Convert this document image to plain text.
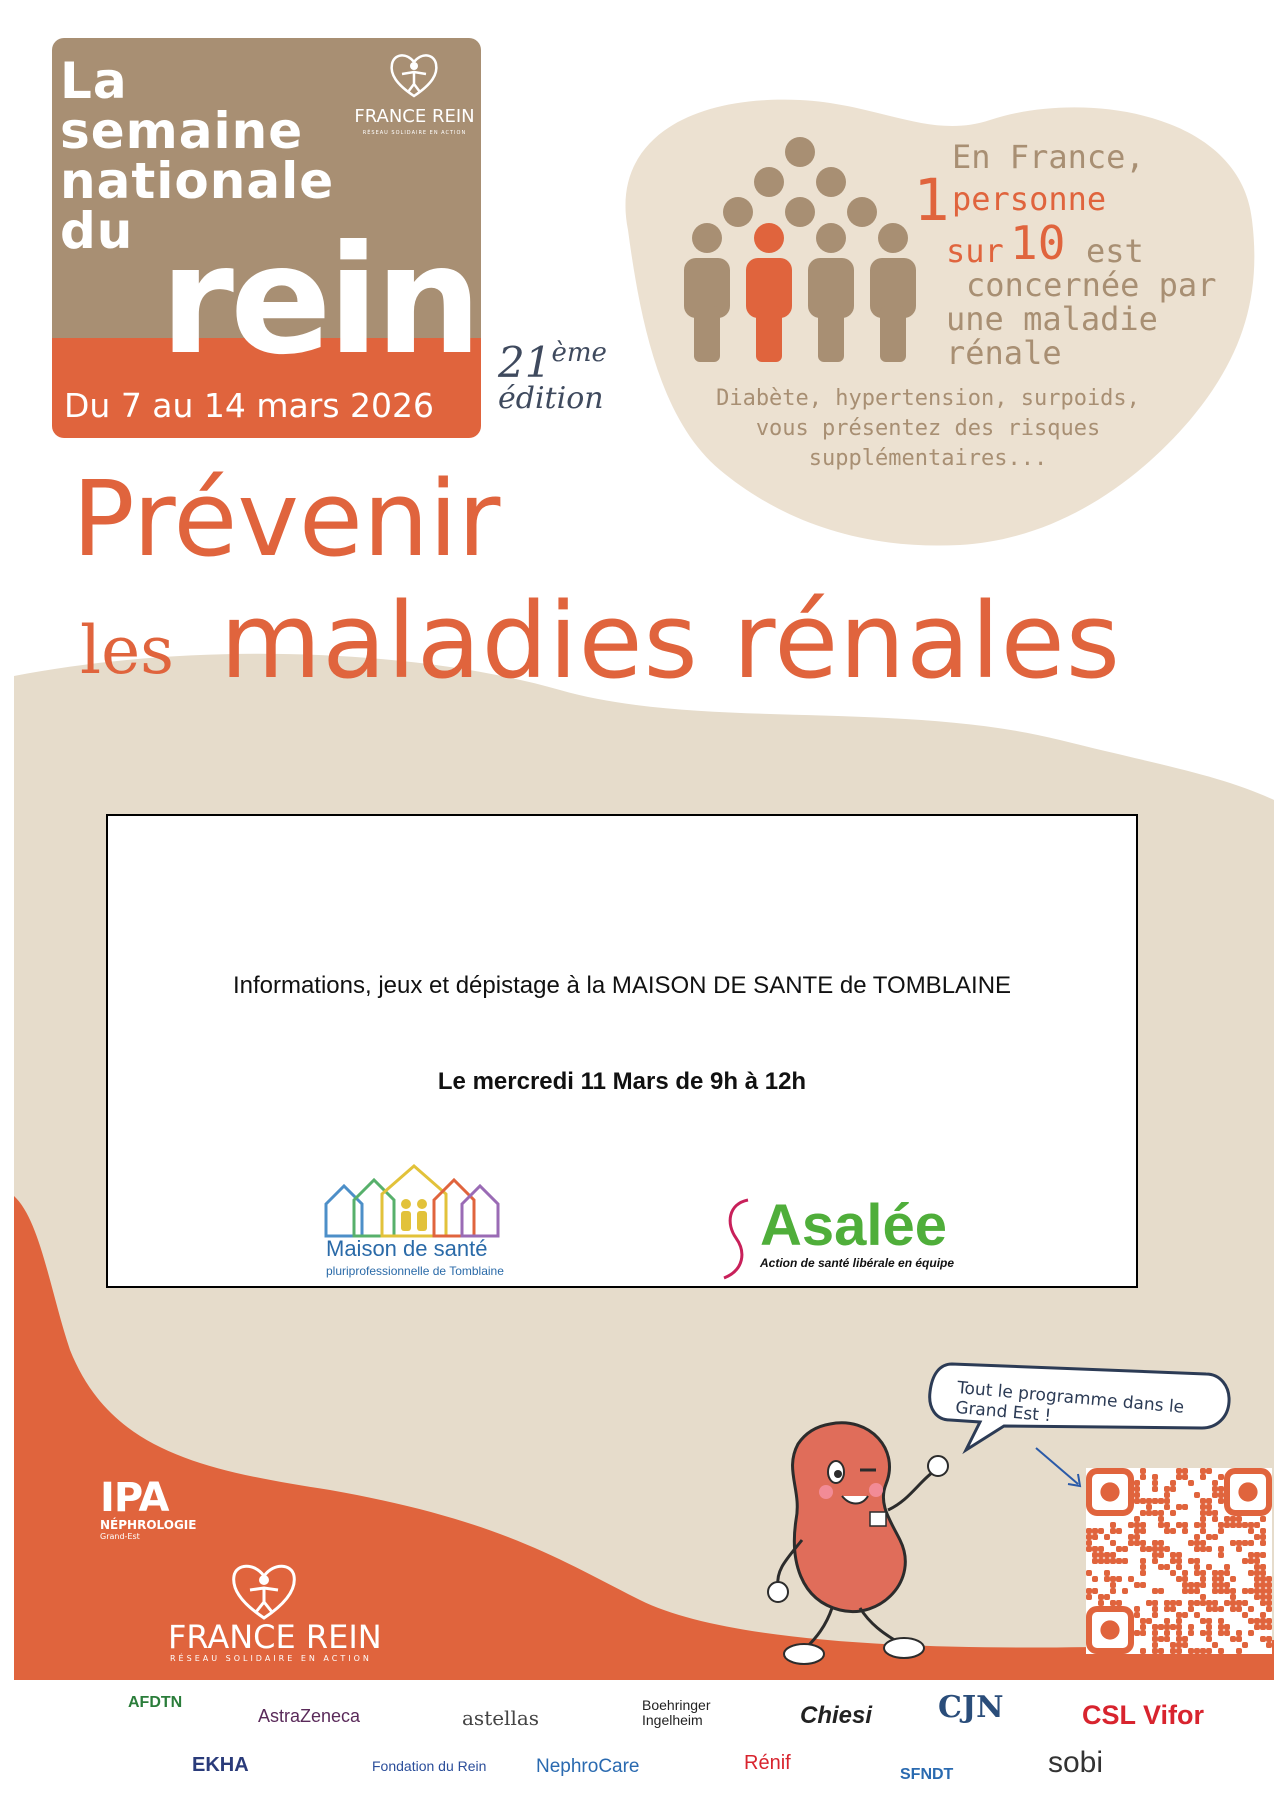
La
semaine
nationale
du rein
Du 7 au 14 mars 2026
FRANCE REIN
RÉSEAU SOLIDAIRE EN ACTION
21ème
édition
En France,
1 personne
sur 10 est
concernée par
une maladie
rénale
Diabète, hypertension, surpoids,
vous présentez des risques
supplémentaires...
Prévenir
les maladies rénales
Informations, jeux et dépistage à la MAISON DE SANTE de TOMBLAINE
Le mercredi 11 Mars de 9h à 12h
Maison de santé
pluriprofessionnelle de Tomblaine
Asalée
Action de santé libérale en équipe
Tout le programme dans le Grand Est !
IPA
NÉPHROLOGIE
Grand-Est
FRANCE REIN
RÉSEAU SOLIDAIRE EN ACTION
AFDTN
AstraZeneca	astellas
Boehringer Ingelheim	Chiesi CJN	CSL Vifor
EKHA	Fondation du Rein	NephroCare	Rénif
SFNDT	sobi
